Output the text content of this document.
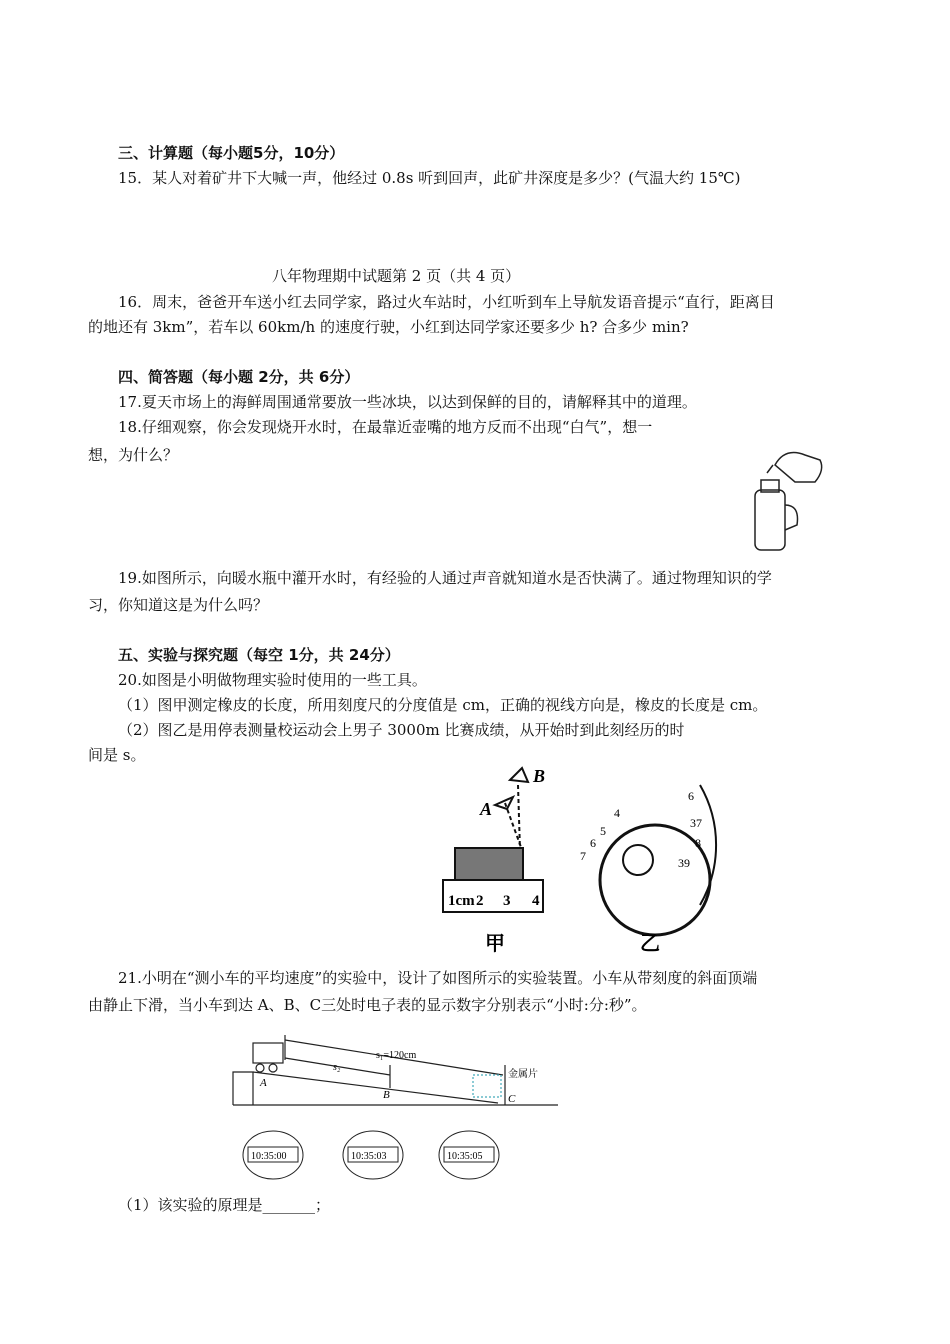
三、计算题（每小题5分，10分）
15．某人对着矿井下大喊一声，他经过 0.8s 听到回声，此矿井深度是多少？(气温大约 15℃)
八年物理期中试题第 2 页（共 4 页）
16．周末，爸爸开车送小红去同学家，路过火车站时，小红听到车上导航发语音提示“直行，距离目
的地还有 3km”，若车以 60km/h 的速度行驶，小红到达同学家还要多少 h? 合多少 min?
四、简答题（每小题 2分，共 6分）
17.夏天市场上的海鲜周围通常要放一些冰块，以达到保鲜的目的，请解释其中的道理。
18.仔细观察，你会发现烧开水时，在最靠近壶嘴的地方反而不出现“白气”，想一
想，为什么？
19.如图所示，向暖水瓶中灌开水时，有经验的人通过声音就知道水是否快满了。通过物理知识的学
习，你知道这是为什么吗？
五、实验与探究题（每空 1分，共 24分）
20.如图是小明做物理实验时使用的一些工具。
（1）图甲测定橡皮的长度，所用刻度尺的分度值是 cm，正确的视线方向是，橡皮的长度是 cm。
（2）图乙是用停表测量校运动会上男子 3000m 比赛成绩，从开始时到此刻经历的时
间是 s。
A
B
1cm 2 3 4
4
5
6
7
6
37
8
39
甲	乙
21.小明在“测小车的平均速度”的实验中，设计了如图所示的实验装置。小车从带刻度的斜面顶端
由静止下滑，当小车到达 A、B、C三处时电子表的显示数字分别表示“小时:分:秒”。
s₁=120cm
s₂
金属片
A
B	C
10:35:00	10:35:03	10:35:05
（1）该实验的原理是_______；
